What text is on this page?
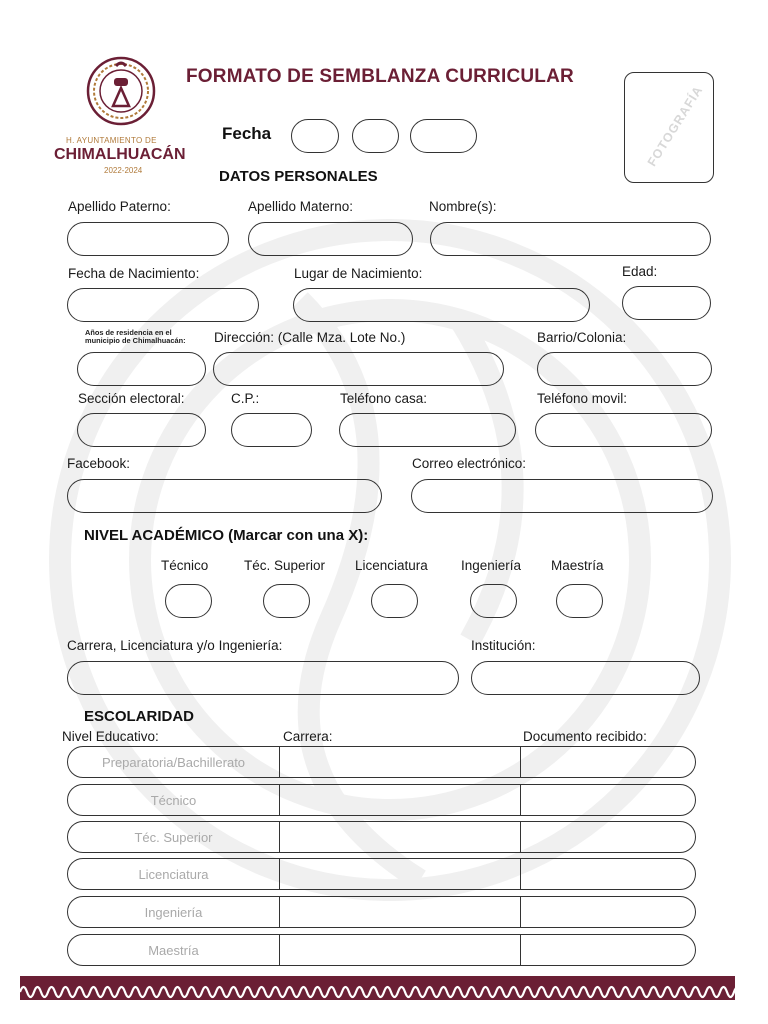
H. AYUNTAMIENTO DE
CHIMALHUACÁN
2022-2024
FORMATO DE SEMBLANZA CURRICULAR
FOTOGRAFÍA
Fecha
DATOS PERSONALES
Apellido Paterno:	Apellido Materno:	Nombre(s):
Fecha de Nacimiento:	Lugar de Nacimiento:	Edad:
Años de residencia en el
municipio de Chimalhuacán: Dirección: (Calle Mza. Lote No.)	Barrio/Colonia:
Sección electoral:	C.P.:	Teléfono casa:	Teléfono movil:
Facebook:	Correo electrónico:
NIVEL ACADÉMICO (Marcar con una X):
Técnico	Téc. Superior Licenciatura Ingeniería Maestría
Carrera, Licenciatura y/o Ingeniería:	Institución:
ESCOLARIDAD
Nivel Educativo:	Carrera:	Documento recibido:
Preparatoria/Bachillerato
Técnico
Téc. Superior
Licenciatura
Ingeniería
Maestría
